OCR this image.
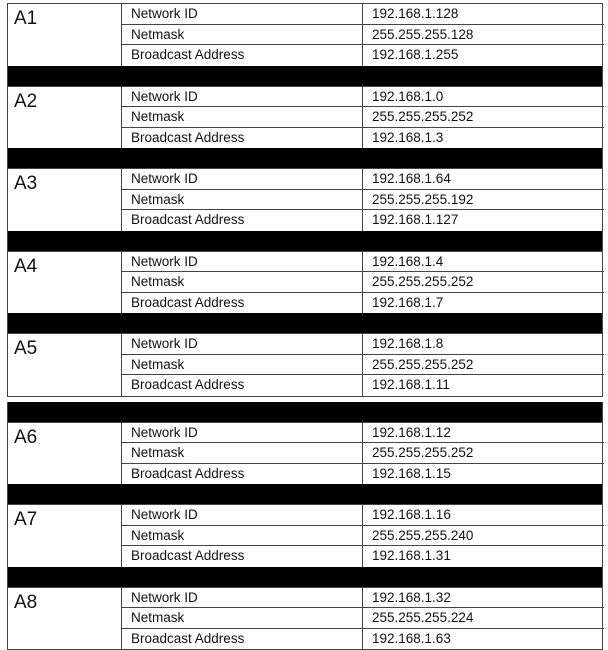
A1	Network ID	192.168.1.128
Netmask	255.255.255.128
Broadcast Address	192.168.1.255
A2	Network ID	192.168.1.0
Netmask	255.255.255.252
Broadcast Address	192.168.1.3
A3	Network ID	192.168.1.64
Netmask	255.255.255.192
Broadcast Address	192.168.1.127
A4	Network ID	192.168.1.4
Netmask	255.255.255.252
Broadcast Address	192.168.1.7
A5	Network ID	192.168.1.8
Netmask	255.255.255.252
Broadcast Address	192.168.1.11
A6	Network ID	192.168.1.12
Netmask	255.255.255.252
Broadcast Address	192.168.1.15
A7	Network ID	192.168.1.16
Netmask	255.255.255.240
Broadcast Address	192.168.1.31
A8	Network ID	192.168.1.32
Netmask	255.255.255.224
Broadcast Address	192.168.1.63
